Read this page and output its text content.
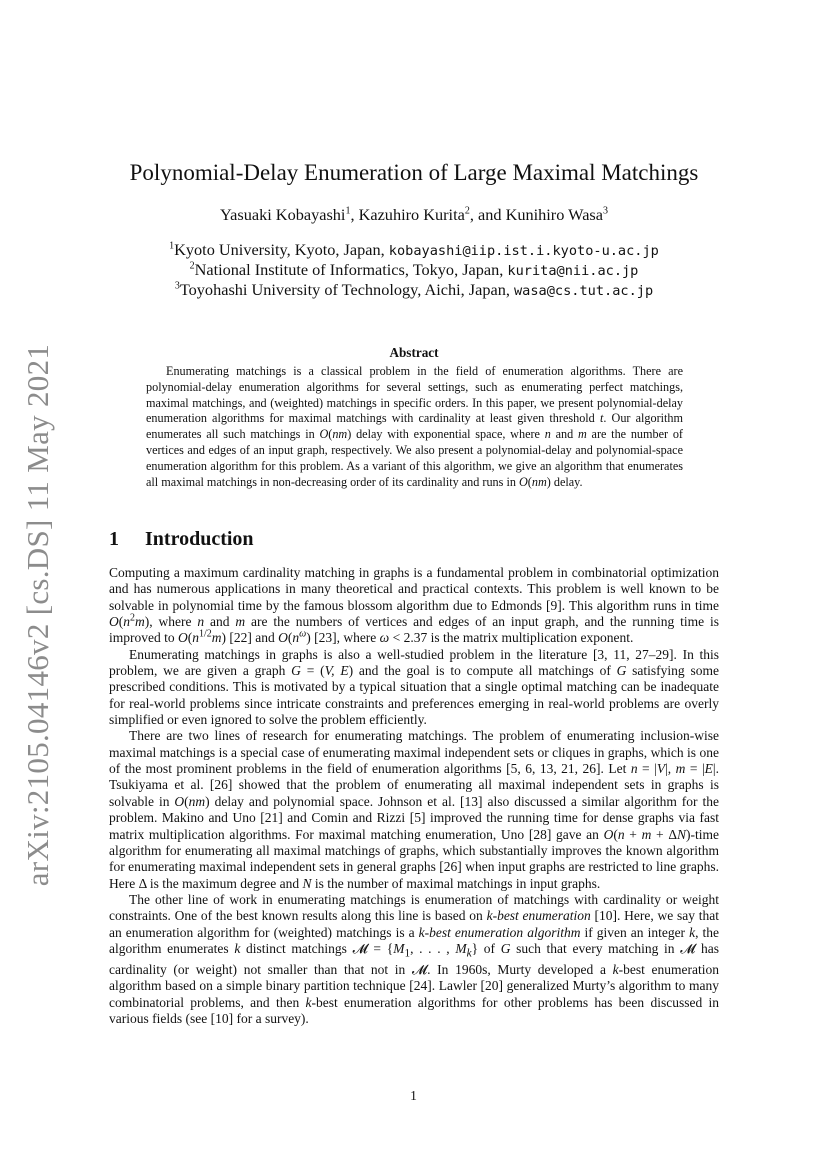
arXiv:2105.04146v2 [cs.DS] 11 May 2021
Polynomial-Delay Enumeration of Large Maximal Matchings
Yasuaki Kobayashi$^1$, Kazuhiro Kurita$^2$, and Kunihiro Wasa$^3$
$^1$Kyoto University, Kyoto, Japan, kobayashi@iip.ist.i.kyoto-u.ac.jp
$^2$National Institute of Informatics, Tokyo, Japan, kurita@nii.ac.jp
$^3$Toyohashi University of Technology, Aichi, Japan, wasa@cs.tut.ac.jp
Abstract

Enumerating matchings is a classical problem in the field of enumeration algorithms. There are polynomial-delay enumeration algorithms for several settings, such as enumerating perfect matchings, maximal matchings, and (weighted) matchings in specific orders. In this paper, we present polynomial-delay enumeration algorithms for maximal matchings with cardinality at least given threshold t. Our algorithm enumerates all such matchings in O(nm) delay with exponential space, where n and m are the number of vertices and edges of an input graph, respectively. We also present a polynomial-delay and polynomial-space enumeration algorithm for this problem. As a variant of this algorithm, we give an algorithm that enumerates all maximal matchings in non-decreasing order of its cardinality and runs in O(nm) delay.

1 Introduction

Computing a maximum cardinality matching in graphs is a fundamental problem in combinatorial optimization and has numerous applications in many theoretical and practical contexts. This problem is well known to be solvable in polynomial time by the famous blossom algorithm due to Edmonds [9]. This algorithm runs in time $O(n^2m)$, where n and m are the numbers of vertices and edges of an input graph, and the running time is improved to $O(n^{1/2}m)$ [22] and $O(n^\omega)$ [23], where ω < 2.37 is the matrix multiplication exponent.

Enumerating matchings in graphs is also a well-studied problem in the literature [3, 11, 27–29]. In this problem, we are given a graph G = (V, E) and the goal is to compute all matchings of G satisfying some prescribed conditions. This is motivated by a typical situation that a single optimal matching can be inadequate for real-world problems since intricate constraints and preferences emerging in real-world problems are overly simplified or even ignored to solve the problem efficiently.

There are two lines of research for enumerating matchings. The problem of enumerating inclusion-wise maximal matchings is a special case of enumerating maximal independent sets or cliques in graphs, which is one of the most prominent problems in the field of enumeration algorithms [5, 6, 13, 21, 26]. Let n = |V|, m = |E|. Tsukiyama et al. [26] showed that the problem of enumerating all maximal independent sets in graphs is solvable in O(nm) delay and polynomial space. Johnson et al. [13] also discussed a similar algorithm for the problem. Makino and Uno [21] and Comin and Rizzi [5] improved the running time for dense graphs via fast matrix multiplication algorithms. For maximal matching enumeration, Uno [28] gave an O(n + m + ΔN)-time algorithm for enumerating all maximal matchings of graphs, which substantially improves the known algorithm for enumerating maximal independent sets in general graphs [26] when input graphs are restricted to line graphs. Here Δ is the maximum degree and N is the number of maximal matchings in input graphs.

The other line of work in enumerating matchings is enumeration of matchings with cardinality or weight constraints. One of the best known results along this line is based on k-best enumeration [10]. Here, we say that an enumeration algorithm for (weighted) matchings is a k-best enumeration algorithm if given an integer k, the algorithm enumerates k distinct matchings 𝓜 = {$M_1$, . . . , $M_k$} of G such that every matching in 𝓜 has cardinality (or weight) not smaller than that not in 𝓜. In 1960s, Murty developed a k-best enumeration algorithm based on a simple binary partition technique [24]. Lawler [20] generalized Murty’s algorithm to many combinatorial problems, and then k-best enumeration algorithms for other problems has been discussed in various fields (see [10] for a survey).

1
